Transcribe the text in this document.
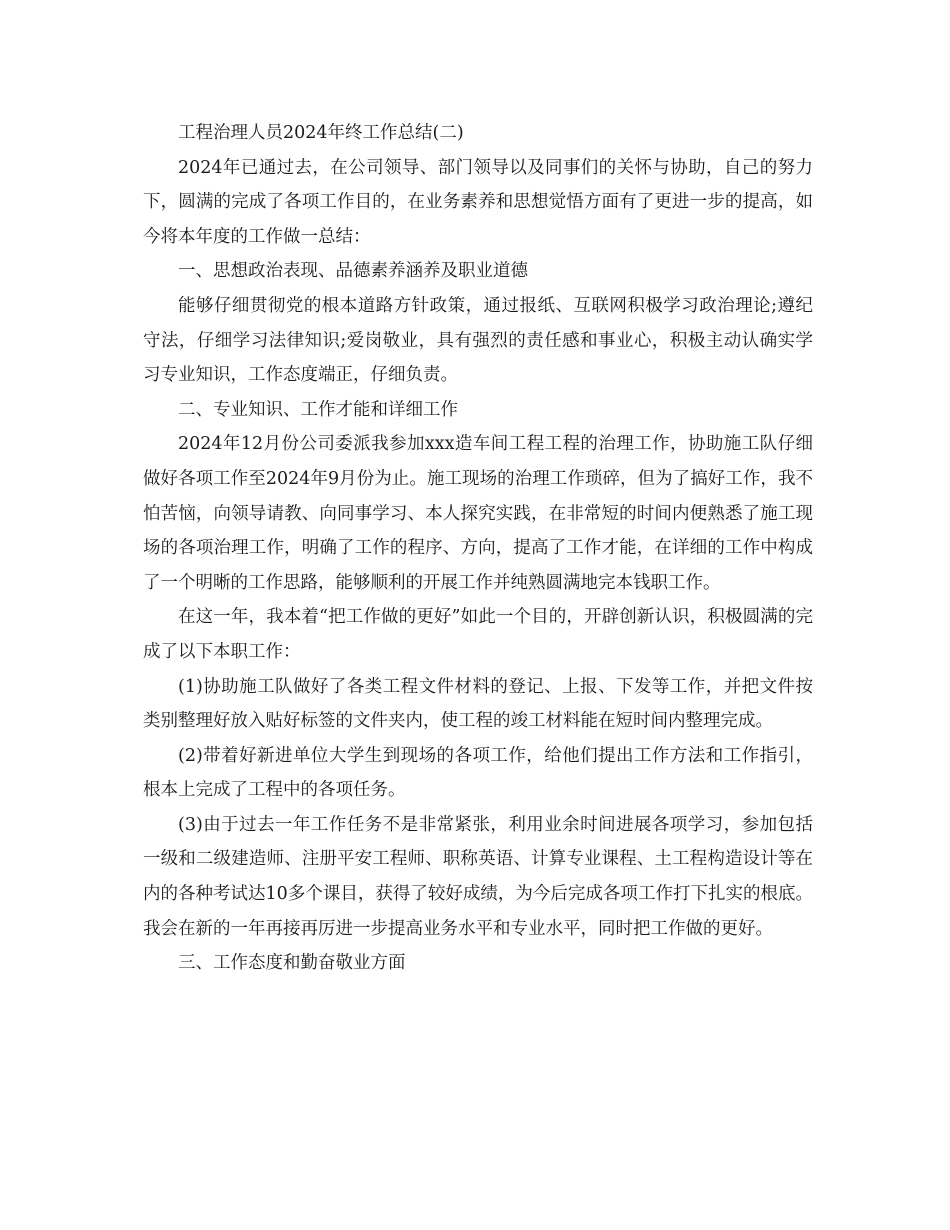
工程治理人员2024年终工作总结(二)

2024年已通过去，在公司领导、部门领导以及同事们的关怀与协助，自己的努力下，圆满的完成了各项工作目的，在业务素养和思想觉悟方面有了更进一步的提高，如今将本年度的工作做一总结：

一、思想政治表现、品德素养涵养及职业道德

能够仔细贯彻党的根本道路方针政策，通过报纸、互联网积极学习政治理论;遵纪守法，仔细学习法律知识;爱岗敬业，具有强烈的责任感和事业心，积极主动认确实学习专业知识，工作态度端正，仔细负责。

二、专业知识、工作才能和详细工作

2024年12月份公司委派我参加xxx造车间工程工程的治理工作，协助施工队仔细做好各项工作至2024年9月份为止。施工现场的治理工作琐碎，但为了搞好工作，我不怕苦恼，向领导请教、向同事学习、本人探究实践，在非常短的时间内便熟悉了施工现场的各项治理工作，明确了工作的程序、方向，提高了工作才能，在详细的工作中构成了一个明晰的工作思路，能够顺利的开展工作并纯熟圆满地完本钱职工作。

在这一年，我本着“把工作做的更好”如此一个目的，开辟创新认识，积极圆满的完成了以下本职工作：

(1)协助施工队做好了各类工程文件材料的登记、上报、下发等工作，并把文件按类别整理好放入贴好标签的文件夹内，使工程的竣工材料能在短时间内整理完成。

(2)带着好新进单位大学生到现场的各项工作，给他们提出工作方法和工作指引，根本上完成了工程中的各项任务。

(3)由于过去一年工作任务不是非常紧张，利用业余时间进展各项学习，参加包括一级和二级建造师、注册平安工程师、职称英语、计算专业课程、土工程构造设计等在内的各种考试达10多个课目，获得了较好成绩，为今后完成各项工作打下扎实的根底。我会在新的一年再接再厉进一步提高业务水平和专业水平，同时把工作做的更好。

三、工作态度和勤奋敬业方面
